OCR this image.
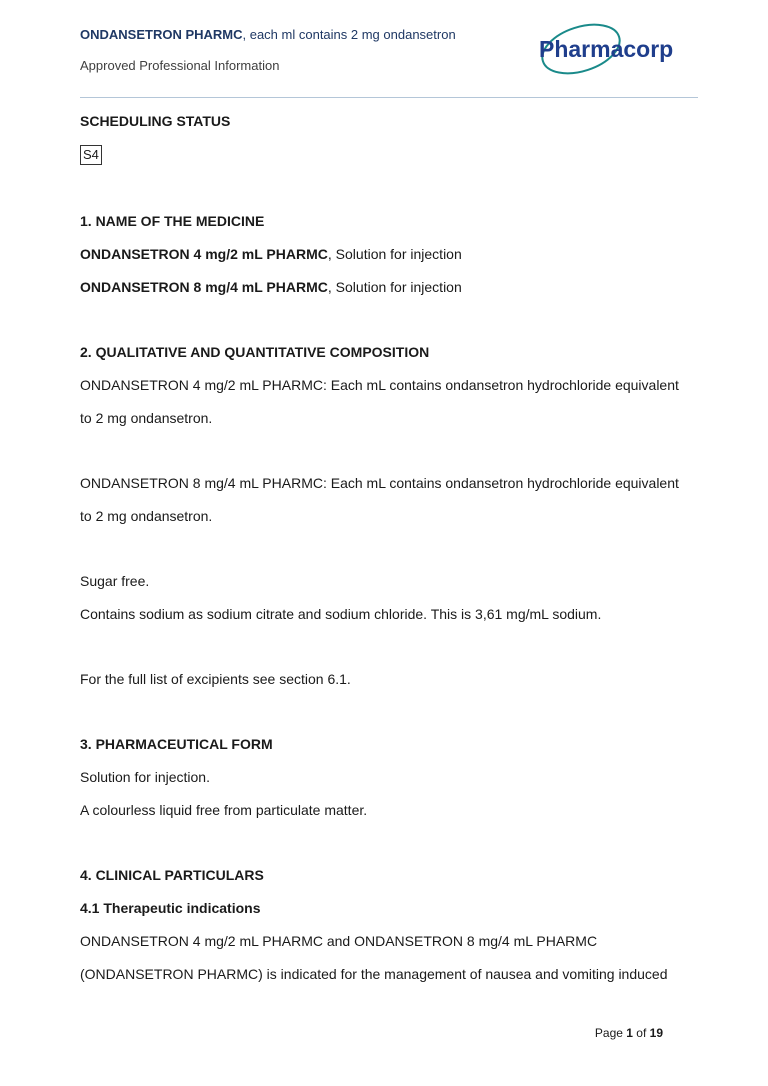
ONDANSETRON PHARMC, each ml contains 2 mg ondansetron
Approved Professional Information
Pharmacorp
SCHEDULING STATUS
S4
1. NAME OF THE MEDICINE
ONDANSETRON 4 mg/2 mL PHARMC, Solution for injection
ONDANSETRON 8 mg/4 mL PHARMC, Solution for injection
2. QUALITATIVE AND QUANTITATIVE COMPOSITION
ONDANSETRON 4 mg/2 mL PHARMC: Each mL contains ondansetron hydrochloride equivalent
to 2 mg ondansetron.
ONDANSETRON 8 mg/4 mL PHARMC: Each mL contains ondansetron hydrochloride equivalent
to 2 mg ondansetron.
Sugar free.
Contains sodium as sodium citrate and sodium chloride. This is 3,61 mg/mL sodium.
For the full list of excipients see section 6.1.
3. PHARMACEUTICAL FORM
Solution for injection.
A colourless liquid free from particulate matter.
4. CLINICAL PARTICULARS
4.1 Therapeutic indications
ONDANSETRON 4 mg/2 mL PHARMC and ONDANSETRON 8 mg/4 mL PHARMC
(ONDANSETRON PHARMC) is indicated for the management of nausea and vomiting induced
Page 1 of 19
